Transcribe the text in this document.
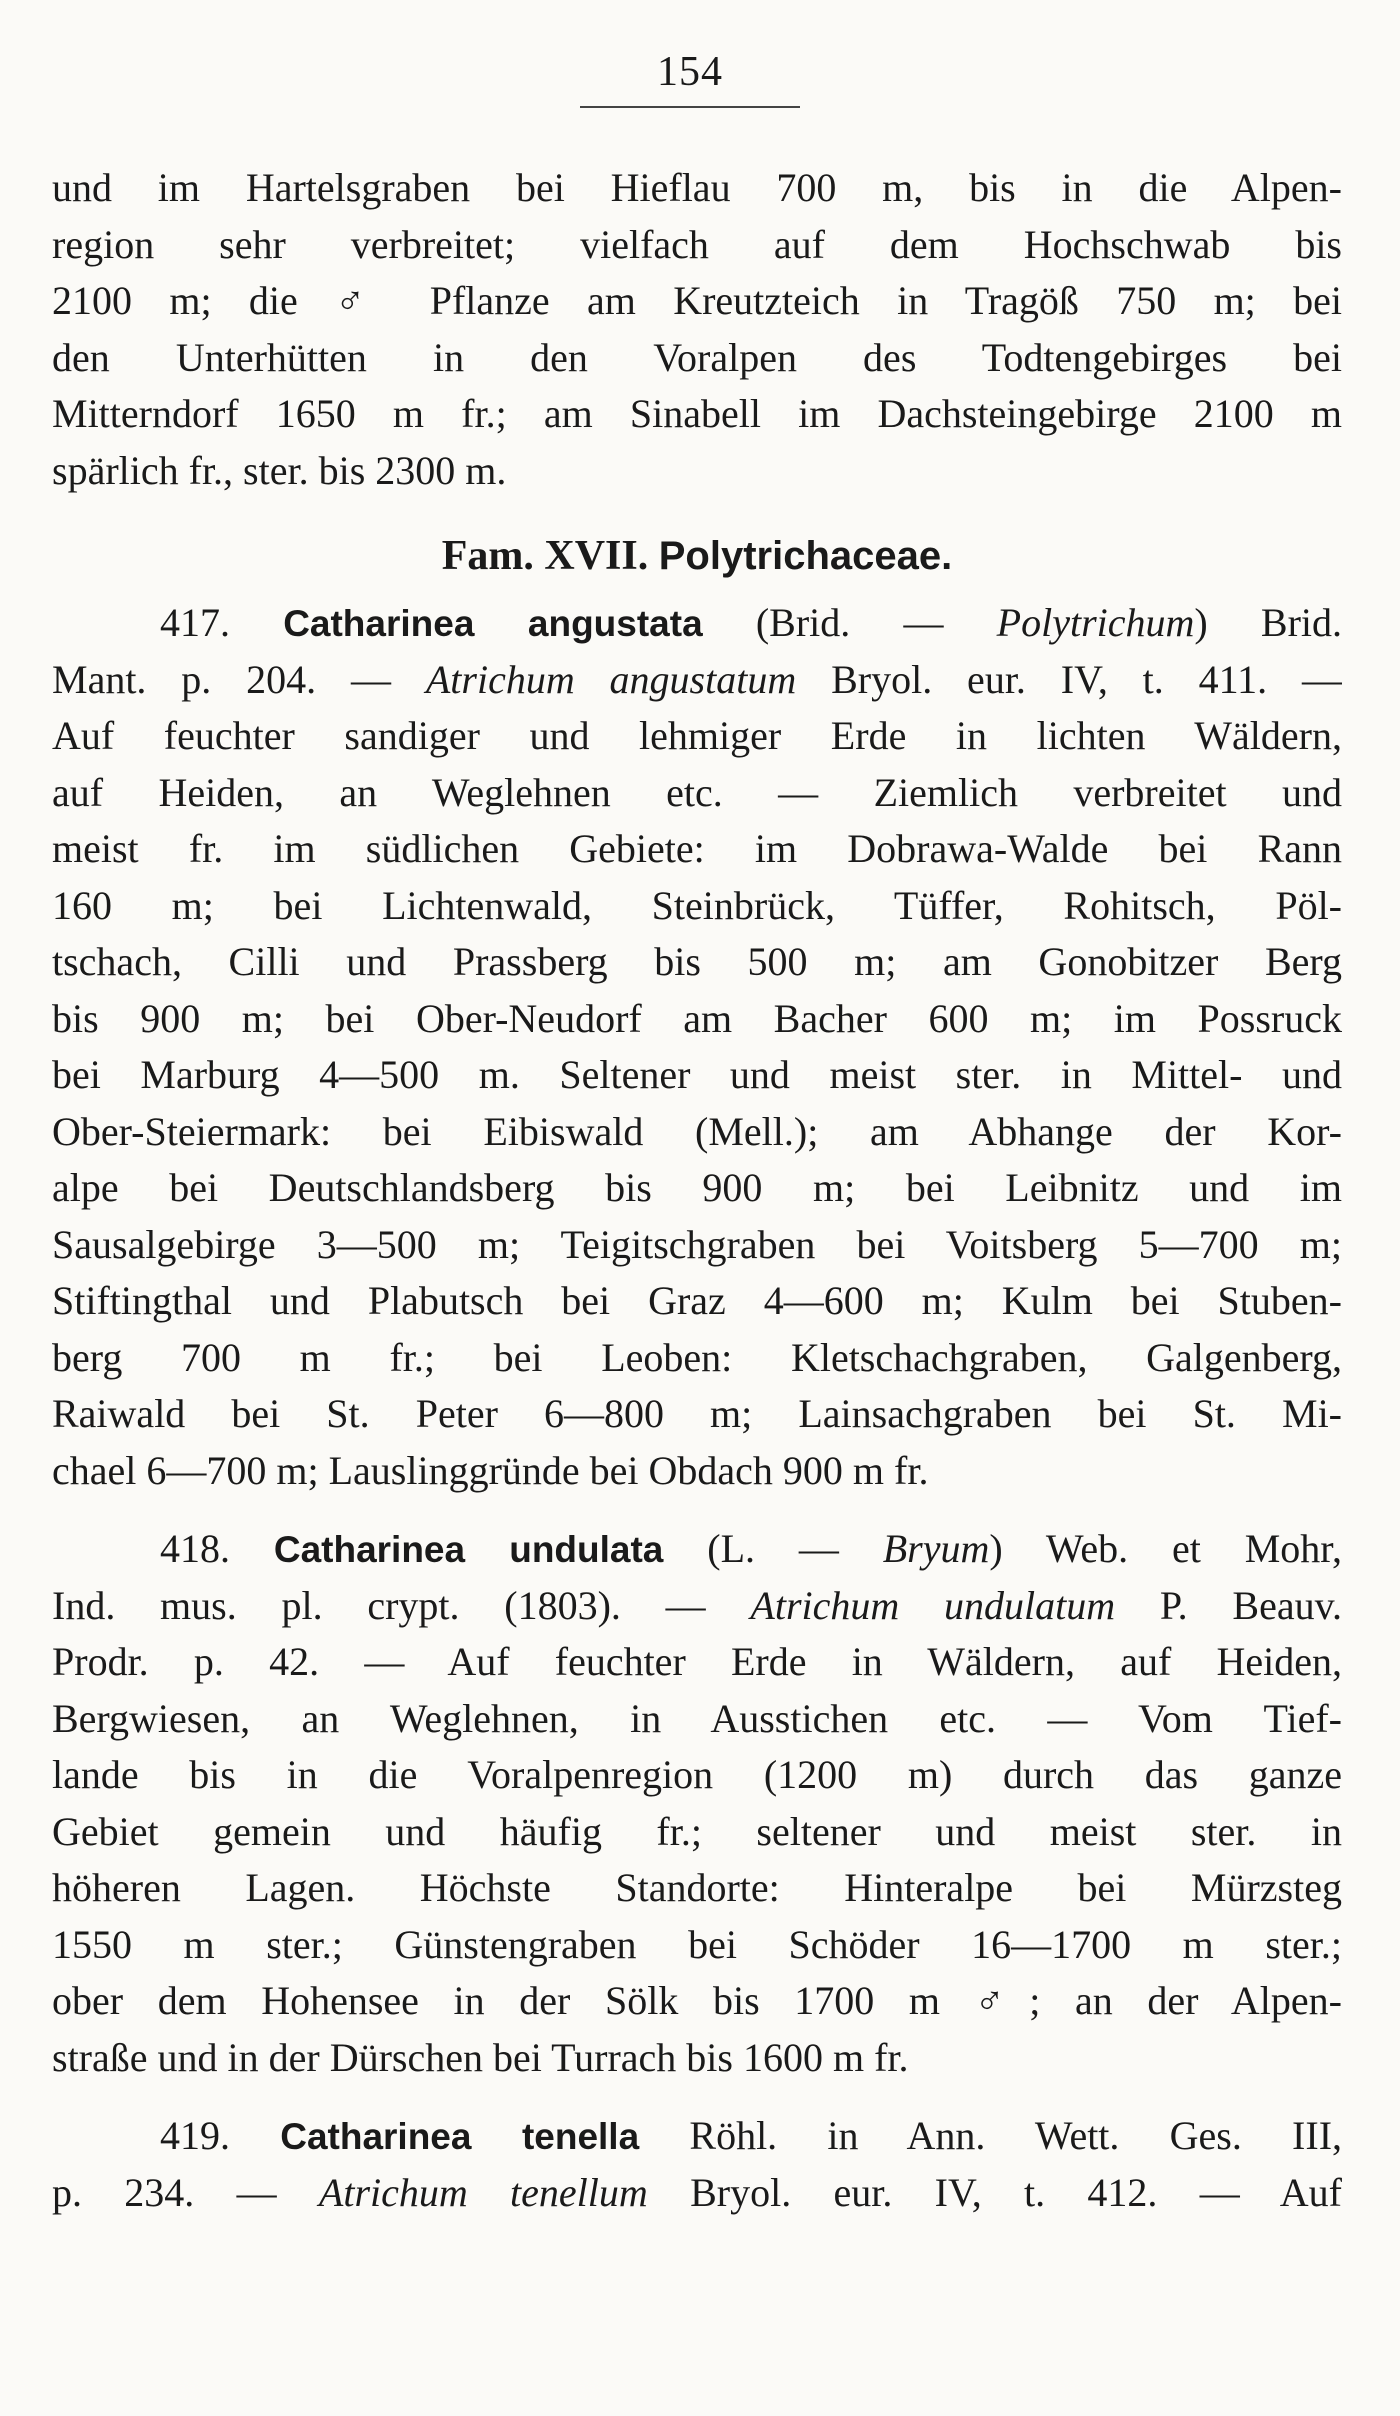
154

und im Hartelsgraben bei Hieflau 700 m, bis in die Alpen-

region sehr verbreitet; vielfach auf dem Hochschwab bis

2100 m; die ♂ Pflanze am Kreutzteich in Tragöß 750 m; bei

den Unterhütten in den Voralpen des Todtengebirges bei

Mitterndorf 1650 m fr.; am Sinabell im Dachsteingebirge 2100 m

spärlich fr., ster. bis 2300 m.

Fam. XVII. Polytrichaceae.

417. Catharinea angustata (Brid. — Polytrichum) Brid.

Mant. p. 204. — Atrichum angustatum Bryol. eur. IV, t. 411. —

Auf feuchter sandiger und lehmiger Erde in lichten Wäldern,

auf Heiden, an Weglehnen etc. — Ziemlich verbreitet und

meist fr. im südlichen Gebiete: im Dobrawa-Walde bei Rann

160 m; bei Lichtenwald, Steinbrück, Tüffer, Rohitsch, Pöl-

tschach, Cilli und Prassberg bis 500 m; am Gonobitzer Berg

bis 900 m; bei Ober-Neudorf am Bacher 600 m; im Possruck

bei Marburg 4—500 m. Seltener und meist ster. in Mittel- und

Ober-Steiermark: bei Eibiswald (Mell.); am Abhange der Kor-

alpe bei Deutschlandsberg bis 900 m; bei Leibnitz und im

Sausalgebirge 3—500 m; Teigitschgraben bei Voitsberg 5—700 m;

Stiftingthal und Plabutsch bei Graz 4—600 m; Kulm bei Stuben-

berg 700 m fr.; bei Leoben: Kletschachgraben, Galgenberg,

Raiwald bei St. Peter 6—800 m; Lainsachgraben bei St. Mi-

chael 6—700 m; Lauslinggründe bei Obdach 900 m fr.

418. Catharinea undulata (L. — Bryum) Web. et Mohr,

Ind. mus. pl. crypt. (1803). — Atrichum undulatum P. Beauv.

Prodr. p. 42. — Auf feuchter Erde in Wäldern, auf Heiden,

Bergwiesen, an Weglehnen, in Ausstichen etc. — Vom Tief-

lande bis in die Voralpenregion (1200 m) durch das ganze

Gebiet gemein und häufig fr.; seltener und meist ster. in

höheren Lagen. Höchste Standorte: Hinteralpe bei Mürzsteg

1550 m ster.; Günstengraben bei Schöder 16—1700 m ster.;

ober dem Hohensee in der Sölk bis 1700 m ♂; an der Alpen-

straße und in der Dürschen bei Turrach bis 1600 m fr.

419. Catharinea tenella Röhl. in Ann. Wett. Ges. III,

p. 234. — Atrichum tenellum Bryol. eur. IV, t. 412. — Auf
